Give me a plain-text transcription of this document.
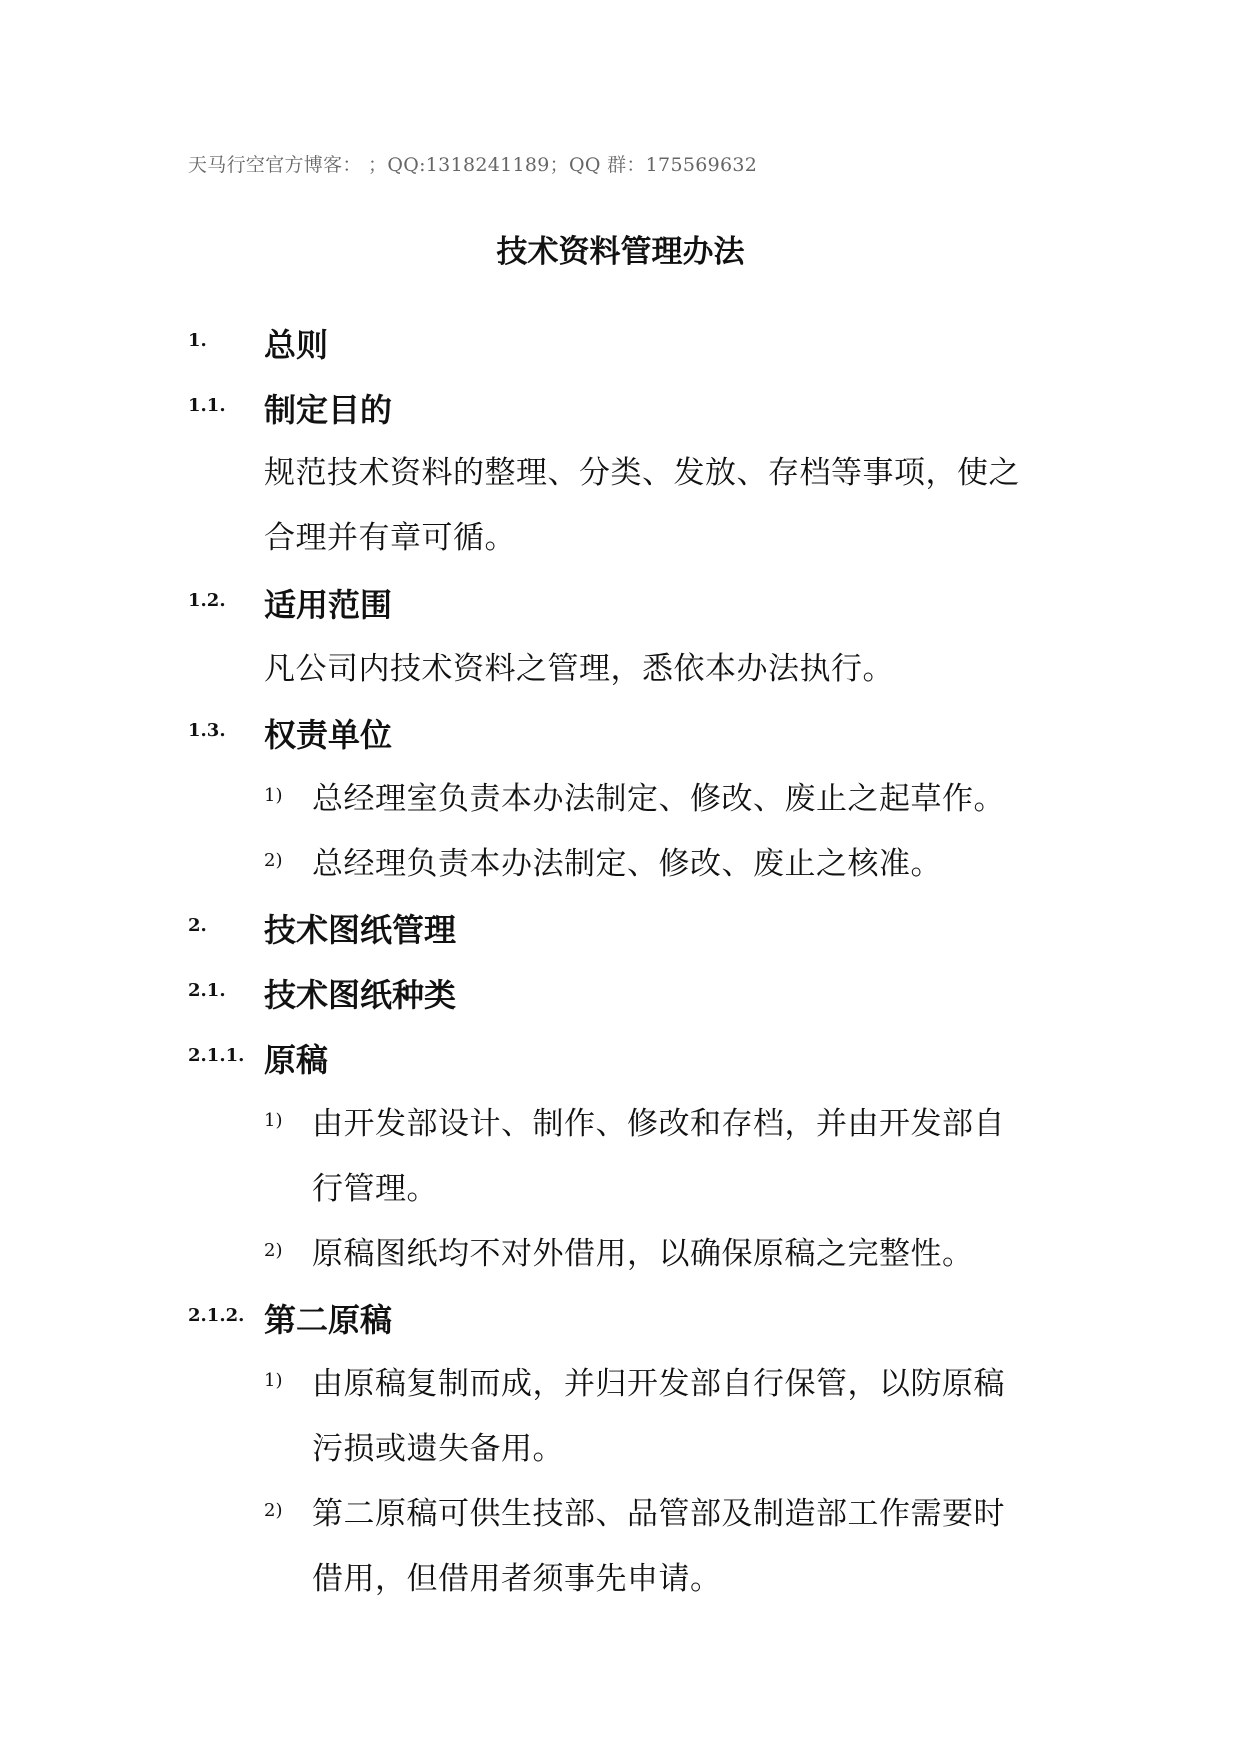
天马行空官方博客： ；QQ:1318241189；QQ 群：175569632
技术资料管理办法
1. 总则
1.1. 制定目的
规范技术资料的整理、分类、发放、存档等事项，使之
合理并有章可循。
1.2. 适用范围
凡公司内技术资料之管理，悉依本办法执行。
1.3. 权责单位
1) 总经理室负责本办法制定、修改、废止之起草作。
2) 总经理负责本办法制定、修改、废止之核准。
2. 技术图纸管理
2.1. 技术图纸种类
2.1.1. 原稿
1) 由开发部设计、制作、修改和存档，并由开发部自
行管理。
2) 原稿图纸均不对外借用，以确保原稿之完整性。
2.1.2. 第二原稿
1) 由原稿复制而成，并归开发部自行保管，以防原稿
污损或遗失备用。
2) 第二原稿可供生技部、品管部及制造部工作需要时
借用，但借用者须事先申请。
